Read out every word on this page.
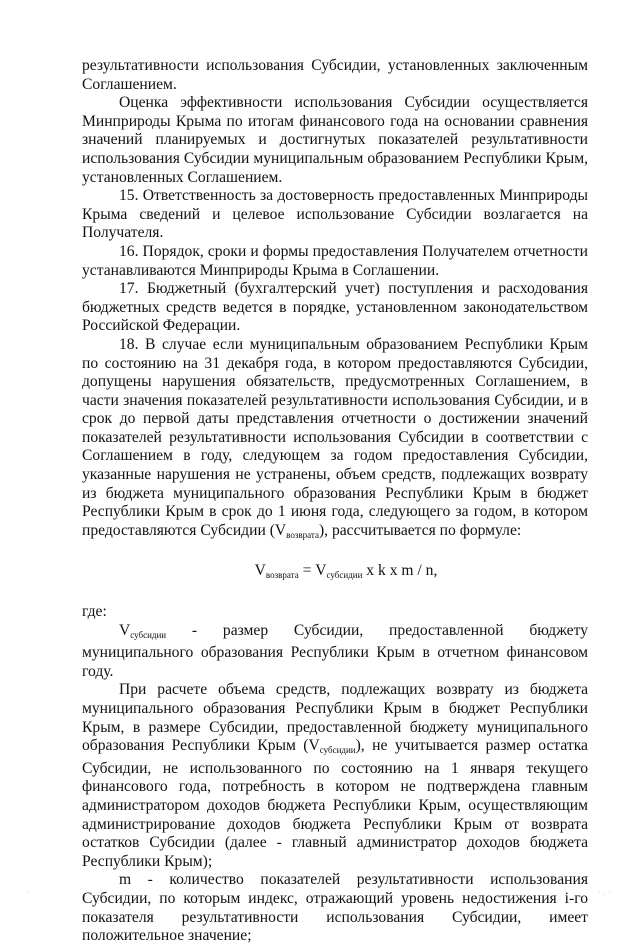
результативности использования Субсидии, установленных заключенным Соглашением.

Оценка эффективности использования Субсидии осуществляется Минприроды Крыма по итогам финансового года на основании сравнения значений планируемых и достигнутых показателей результативности использования Субсидии муниципальным образованием Республики Крым, установленных Соглашением.

15. Ответственность за достоверность предоставленных Минприроды Крыма сведений и целевое использование Субсидии возлагается на Получателя.

16. Порядок, сроки и формы предоставления Получателем отчетности устанавливаются Минприроды Крыма в Соглашении.

17. Бюджетный (бухгалтерский учет) поступления и расходования бюджетных средств ведется в порядке, установленном законодательством Российской Федерации.

18. В случае если муниципальным образованием Республики Крым по состоянию на 31 декабря года, в котором предоставляются Субсидии, допущены нарушения обязательств, предусмотренных Соглашением, в части значения показателей результативности использования Субсидии, и в срок до первой даты представления отчетности о достижении значений показателей результативности использования Субсидии в соответствии с Соглашением в году, следующем за годом предоставления Субсидии, указанные нарушения не устранены, объем средств, подлежащих возврату из бюджета муниципального образования Республики Крым в бюджет Республики Крым в срок до 1 июня года, следующего за годом, в котором предоставляются Субсидии $(V_{возврата})$, рассчитывается по формуле:

$V_{возврата} = V_{субсидии}$ x k x m / n,

где:

$V_{субсидии}$ - размер Субсидии, предоставленной бюджету муниципального образования Республики Крым в отчетном финансовом году.

При расчете объема средств, подлежащих возврату из бюджета муниципального образования Республики Крым в бюджет Республики Крым, в размере Субсидии, предоставленной бюджету муниципального образования Республики Крым $(V_{субсидии})$, не учитывается размер остатка Субсидии, не использованного по состоянию на 1 января текущего финансового года, потребность в котором не подтверждена главным администратором доходов бюджета Республики Крым, осуществляющим администрирование доходов бюджета Республики Крым от возврата остатков Субсидии (далее - главный администратор доходов бюджета Республики Крым);

m - количество показателей результативности использования Субсидии, по которым индекс, отражающий уровень недостижения i-го показателя результативности использования Субсидии, имеет положительное значение;

·.·
·
